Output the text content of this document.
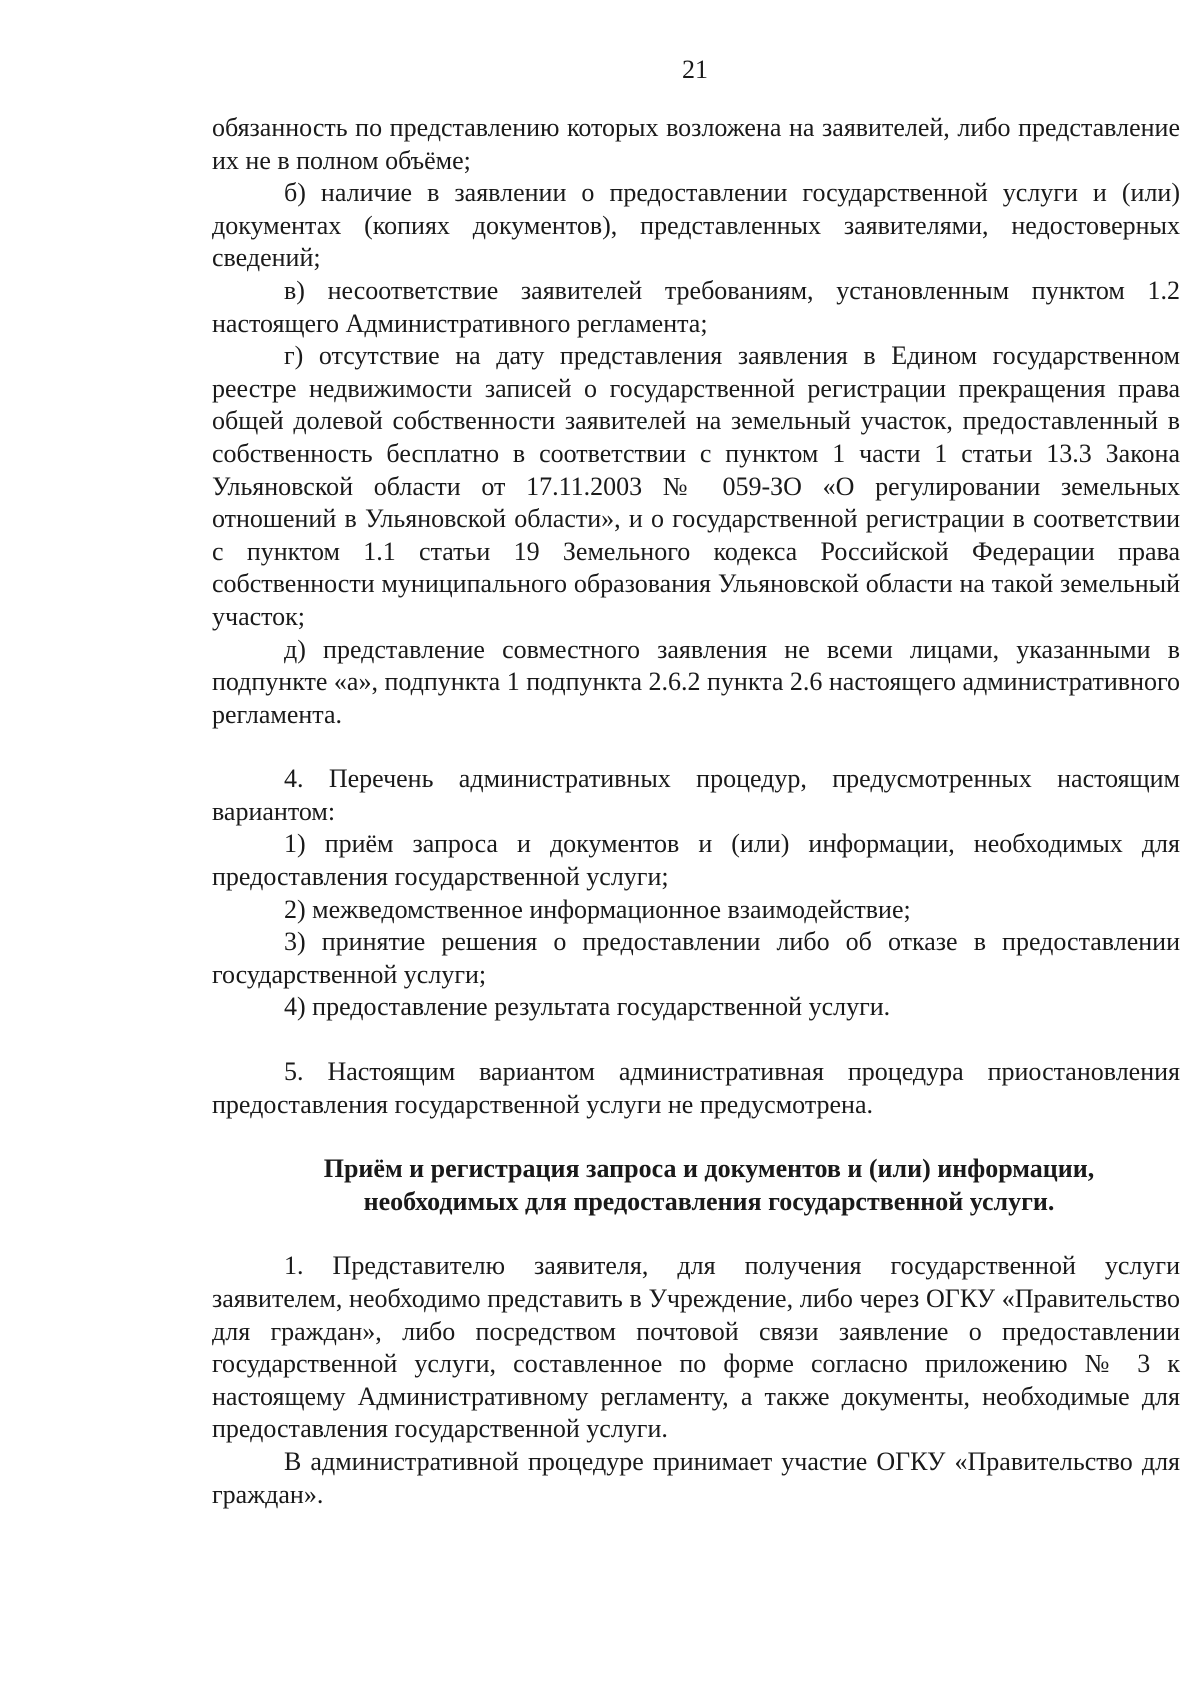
21

обязанность по представлению которых возложена на заявителей, либо представление их не в полном объёме;

б) наличие в заявлении о предоставлении государственной услуги и (или) документах (копиях документов), представленных заявителями, недостоверных сведений;

в) несоответствие заявителей требованиям, установленным пунктом 1.2 настоящего Административного регламента;

г) отсутствие на дату представления заявления в Едином государственном реестре недвижимости записей о государственной регистрации прекращения права общей долевой собственности заявителей на земельный участок, предоставленный в собственность бесплатно в соответствии с пунктом 1 части 1 статьи 13.3 Закона Ульяновской области от 17.11.2003 № 059-ЗО «О регулировании земельных отношений в Ульяновской области», и о государственной регистрации в соответствии с пунктом 1.1 статьи 19 Земельного кодекса Российской Федерации права собственности муниципального образования Ульяновской области на такой земельный участок;

д) представление совместного заявления не всеми лицами, указанными в подпункте «а», подпункта 1 подпункта 2.6.2 пункта 2.6 настоящего административного регламента.

4. Перечень административных процедур, предусмотренных настоящим вариантом:

1) приём запроса и документов и (или) информации, необходимых для предоставления государственной услуги;

2) межведомственное информационное взаимодействие;

3) принятие решения о предоставлении либо об отказе в предоставлении государственной услуги;

4) предоставление результата государственной услуги.

5. Настоящим вариантом административная процедура приостановления предоставления государственной услуги не предусмотрена.

Приём и регистрация запроса и документов и (или) информации,
необходимых для предоставления государственной услуги.

1. Представителю заявителя, для получения государственной услуги заявителем, необходимо представить в Учреждение, либо через ОГКУ «Правительство для граждан», либо посредством почтовой связи заявление о предоставлении государственной услуги, составленное по форме согласно приложению № 3 к настоящему Административному регламенту, а также документы, необходимые для предоставления государственной услуги.

В административной процедуре принимает участие ОГКУ «Правительство для граждан».
